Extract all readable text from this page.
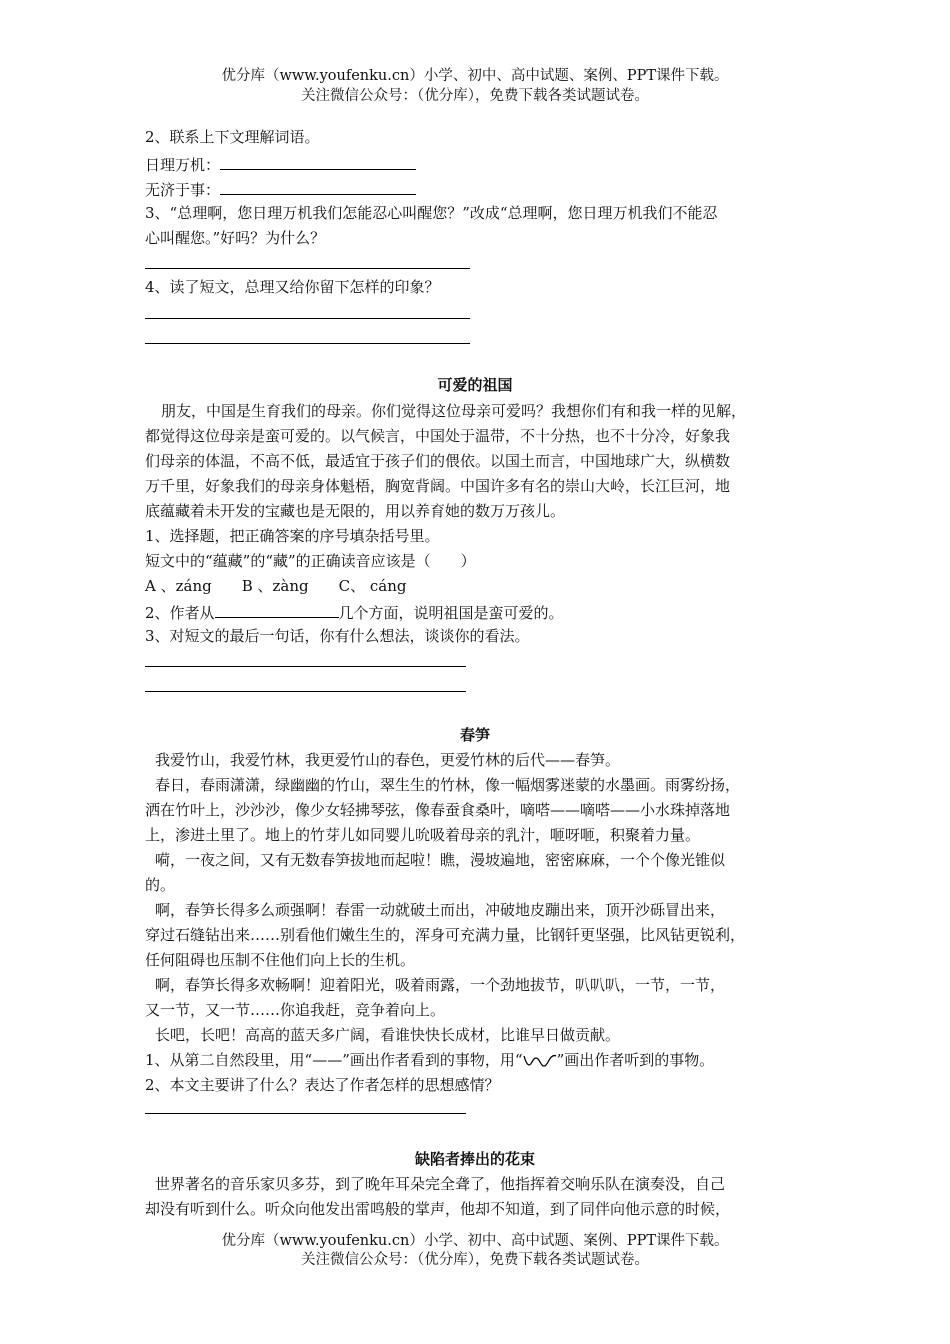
优分库（www.youfenku.cn）小学、初中、高中试题、案例、PPT课件下载。
关注微信公众号：（优分库），免费下载各类试题试卷。
2、联系上下文理解词语。
日理万机：
无济于事：
3、“总理啊，您日理万机我们怎能忍心叫醒您？”改成“总理啊，您日理万机我们不能忍
心叫醒您。”好吗？为什么？
4、读了短文，总理又给你留下怎样的印象？
可爱的祖国
朋友，中国是生育我们的母亲。你们觉得这位母亲可爱吗？我想你们有和我一样的见解，
都觉得这位母亲是蛮可爱的。以气候言，中国处于温带，不十分热，也不十分冷，好象我
们母亲的体温，不高不低，最适宜于孩子们的偎依。以国土而言，中国地球广大，纵横数
万千里，好象我们的母亲身体魁梧，胸宽背阔。中国许多有名的崇山大岭，长江巨河，地
底蕴藏着未开发的宝藏也是无限的，用以养育她的数万万孩儿。
1、选择题，把正确答案的序号填杂括号里。
短文中的“蕴藏”的“藏”的正确读音应该是（　　）
A 、záng B 、zàng C、 cáng
2、作者从	几个方面，说明祖国是蛮可爱的。
3、对短文的最后一句话，你有什么想法，谈谈你的看法。
春笋
我爱竹山，我爱竹林，我更爱竹山的春色，更爱竹林的后代——春笋。
春日，春雨潇潇，绿幽幽的竹山，翠生生的竹林，像一幅烟雾迷蒙的水墨画。雨雾纷扬，
洒在竹叶上，沙沙沙，像少女轻拂琴弦，像春蚕食桑叶，嘀嗒——嘀嗒——小水珠掉落地
上，渗进土里了。地上的竹芽儿如同婴儿吮吸着母亲的乳汁，咂呀咂，积聚着力量。
嗬，一夜之间，又有无数春笋拔地而起啦！瞧，漫坡遍地，密密麻麻，一个个像光锥似
的。
啊，春笋长得多么顽强啊！春雷一动就破土而出，冲破地皮蹦出来，顶开沙砾冒出来，
穿过石缝钻出来……别看他们嫩生生的，浑身可充满力量，比钢钎更坚强，比风钻更锐利，
任何阻碍也压制不住他们向上长的生机。
啊，春笋长得多欢畅啊！迎着阳光，吸着雨露，一个劲地拔节，叭叭叭，一节，一节，
又一节，又一节……你追我赶，竞争着向上。
长吧，长吧！高高的蓝天多广阔，看谁快快长成材，比谁早日做贡献。
1、从第二自然段里，用“——”画出作者看到的事物，用“ ”画出作者听到的事物。
2、本文主要讲了什么？表达了作者怎样的思想感情？
缺陷者捧出的花束
世界著名的音乐家贝多芬，到了晚年耳朵完全聋了，他指挥着交响乐队在演奏没，自己
却没有听到什么。听众向他发出雷鸣般的掌声，他却不知道，到了同伴向他示意的时候，
优分库（www.youfenku.cn）小学、初中、高中试题、案例、PPT课件下载。
关注微信公众号：（优分库），免费下载各类试题试卷。
